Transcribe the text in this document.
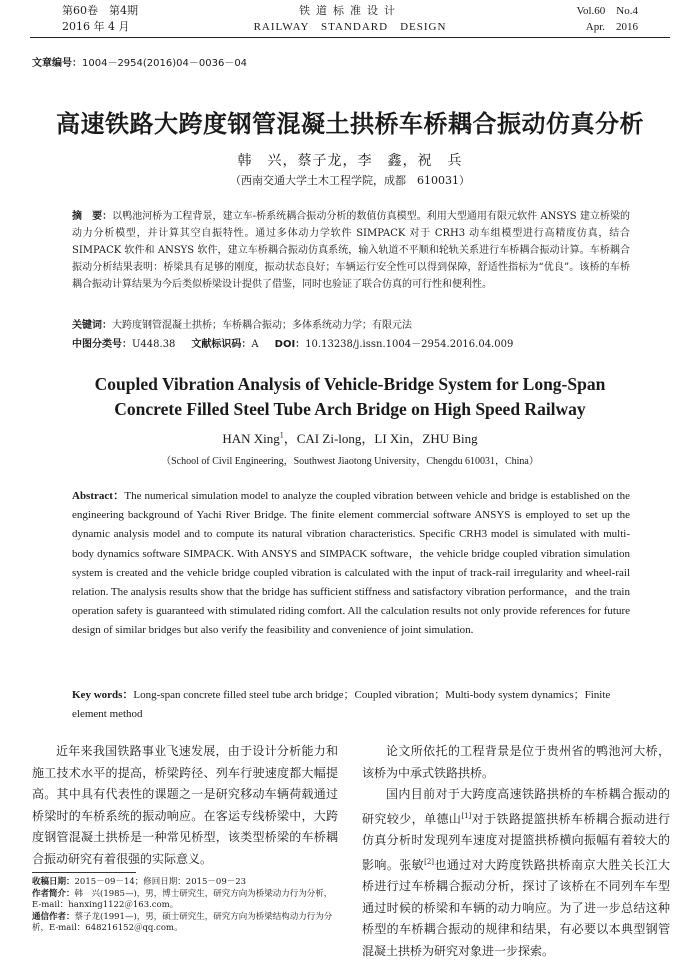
第60卷　第4期
2016 年 4 月
铁道标准设计
RAILWAY　STANDARD　DESIGN
Vol.60　No.4
Apr.　2016
文章编号：1004－2954(2016)04－0036－04
高速铁路大跨度钢管混凝土拱桥车桥耦合振动仿真分析
韩　兴，蔡子龙，李　鑫，祝　兵
（西南交通大学土木工程学院，成都　610031）
摘　要：以鸭池河桥为工程背景，建立车-桥系统耦合振动分析的数值仿真模型。利用大型通用有限元软件 ANSYS 建立桥梁的动力分析模型，并计算其空自振特性。通过多体动力学软件 SIMPACK 对于 CRH3 动车组模型进行高精度仿真，结合 SIMPACK 软件和 ANSYS 软件，建立车桥耦合振动仿真系统，输入轨道不平顺和轮轨关系进行车桥耦合振动计算。车桥耦合振动分析结果表明：桥梁具有足够的刚度，振动状态良好；车辆运行安全性可以得到保障，舒适性指标为“优良”。该桥的车桥耦合振动计算结果为今后类似桥梁设计提供了借鉴，同时也验证了联合仿真的可行性和便利性。
关键词：大跨度钢管混凝土拱桥；车桥耦合振动；多体系统动力学；有限元法
中图分类号：U448.38 文献标识码：A DOI：10.13238/j.issn.1004－2954.2016.04.009
Coupled Vibration Analysis of Vehicle-Bridge System for Long-Span
Concrete Filled Steel Tube Arch Bridge on High Speed Railway
HAN Xing$^1$，CAI Zi-long，LI Xin，ZHU Bing
（School of Civil Engineering，Southwest Jiaotong University，Chengdu 610031，China）
Abstract：The numerical simulation model to analyze the coupled vibration between vehicle and bridge is established on the engineering background of Yachi River Bridge. The finite element commercial software ANSYS is employed to set up the dynamic analysis model and to compute its natural vibration characteristics. Specific CRH3 model is simulated with multi-body dynamics software SIMPACK. With ANSYS and SIMPACK software，the vehicle bridge coupled vibration simulation system is created and the vehicle bridge coupled vibration is calculated with the input of track-rail irregularity and wheel-rail relation. The analysis results show that the bridge has sufficient stiffness and satisfactory vibration performance，and the train operation safety is guaranteed with stimulated riding comfort. All the calculation results not only provide references for future design of similar bridges but also verify the feasibility and convenience of joint simulation.
Key words：Long-span concrete filled steel tube arch bridge；Coupled vibration；Multi-body system dynamics；Finite element method

近年来我国铁路事业飞速发展，由于设计分析能力和施工技术水平的提高，桥梁跨径、列车行驶速度都大幅提高。其中具有代表性的课题之一是研究移动车辆荷载通过桥梁时的车桥系统的振动响应。在客运专线桥梁中，大跨度钢管混凝土拱桥是一种常见桥型，该类型桥梁的车桥耦合振动研究有着很强的实际意义。

论文所依托的工程背景是位于贵州省的鸭池河大桥，该桥为中承式铁路拱桥。

国内目前对于大跨度高速铁路拱桥的车桥耦合振动的研究较少，单德山[1]对于铁路提篮拱桥车桥耦合振动进行仿真分析时发现列车速度对提篮拱桥横向振幅有着较大的影响。张敏[2]也通过对大跨度铁路拱桥南京大胜关长江大桥进行过车桥耦合振动分析，探讨了该桥在不同列车车型通过时候的桥梁和车辆的动力响应。为了进一步总结这种桥型的车桥耦合振动的规律和结果，有必要以本典型钢管混凝土拱桥为研究对象进一步探索。

收稿日期：2015－09－14；修回日期：2015－09－23
作者简介：韩　兴(1985—)，男，博士研究生，研究方向为桥梁动力行为分析，E-mail：hanxing1122＠163.com。
通信作者：蔡子龙(1991—)，男，硕士研究生，研究方向为桥梁结构动力行为分析，E-mail：648216152＠qq.com。
